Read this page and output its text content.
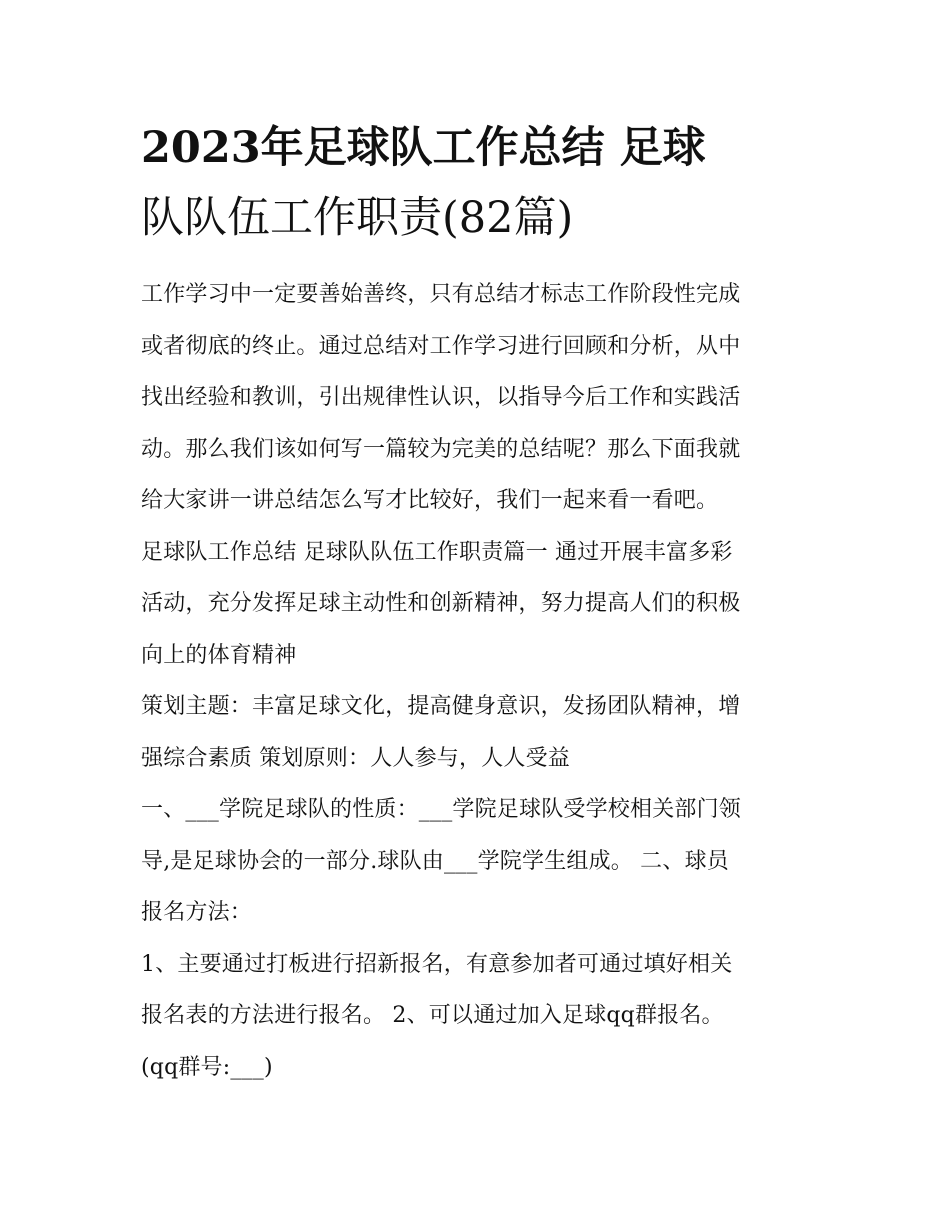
2023年足球队工作总结 足球
队队伍工作职责(82篇)
工作学习中一定要善始善终，只有总结才标志工作阶段性完成
或者彻底的终止。通过总结对工作学习进行回顾和分析，从中
找出经验和教训，引出规律性认识，以指导今后工作和实践活
动。那么我们该如何写一篇较为完美的总结呢？那么下面我就
给大家讲一讲总结怎么写才比较好，我们一起来看一看吧。
足球队工作总结 足球队队伍工作职责篇一 通过开展丰富多彩
活动，充分发挥足球主动性和创新精神，努力提高人们的积极
向上的体育精神
策划主题：丰富足球文化，提高健身意识，发扬团队精神，增
强综合素质 策划原则：人人参与，人人受益
一、___学院足球队的性质：___学院足球队受学校相关部门领
导,是足球协会的一部分.球队由___学院学生组成。 二、球员
报名方法：
1、主要通过打板进行招新报名，有意参加者可通过填好相关
报名表的方法进行报名。 2、可以通过加入足球qq群报名。
(qq群号:___)
